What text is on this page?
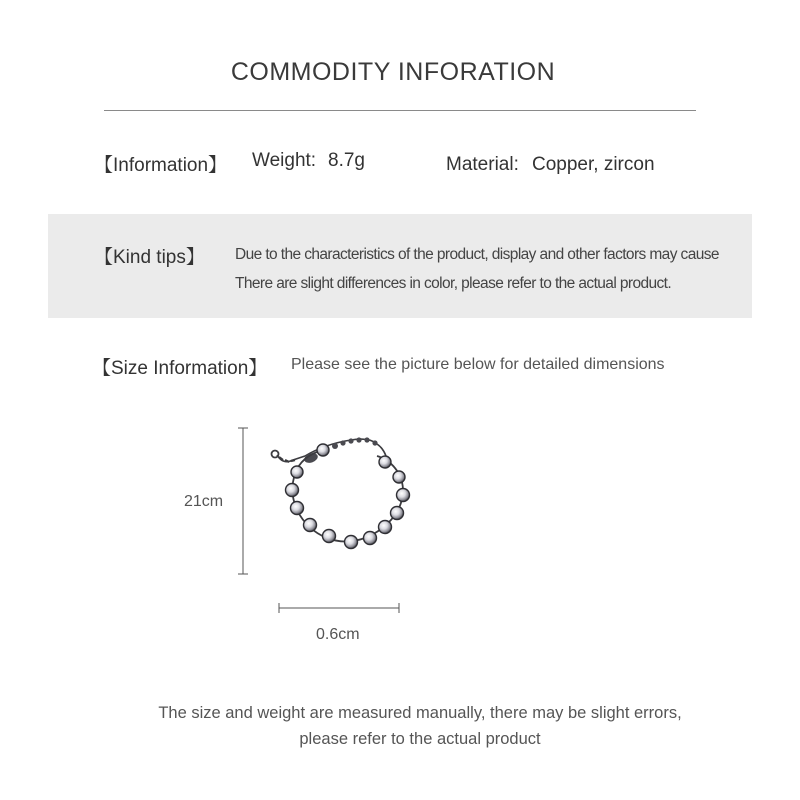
COMMODITY INFORATION
【Information】 Weight: 8.7g	Material: Copper, zircon
【Kind tips】 Due to the characteristics of the product, display and other factors may cause
There are slight differences in color, please refer to the actual product.
【Size Information】 Please see the picture below for detailed dimensions
21cm
0.6cm
The size and weight are measured manually, there may be slight errors,
please refer to the actual product
